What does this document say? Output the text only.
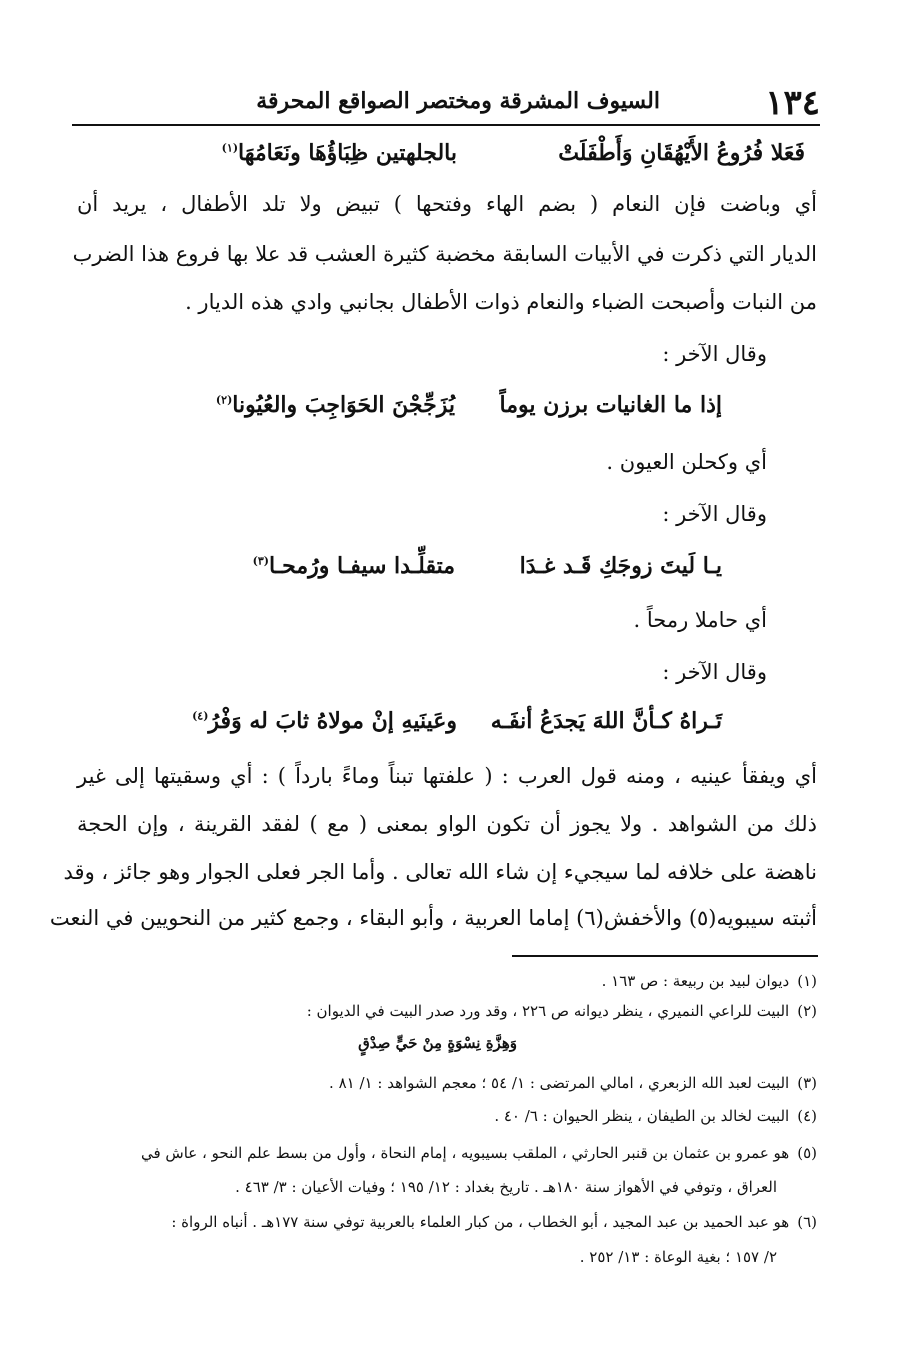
١٣٤
السيوف المشرقة ومختصر الصواقع المحرقة
فَعَلا فُرُوعُ الأَيْهُقَانِ وَأَطْفَلَتْ
بالجلهتين ظِبَاؤُهَا ونَعَامُهَا$^{(١)}$
أي وباضت فإن النعام ( بضم الهاء وفتحها ) تبيض ولا تلد الأطفال ، يريد أن
الديار التي ذكرت في الأبيات السابقة مخضبة كثيرة العشب قد علا بها فروع هذا الضرب
من النبات وأصبحت الضباء والنعام ذوات الأطفال بجانبي وادي هذه الديار .
وقال الآخر :
إذا ما الغانيات برزن يوماً
يُزَجِّجْنَ الحَوَاجِبَ والعُيُونا$^{(٢)}$
أي وكحلن العيون .
وقال الآخر :
يـا لَيتَ زوجَكِ قَـد غـدَا
متقلِّـدا سيفـا ورُمحـا$^{(٣)}$
أي حاملا رمحاً .
وقال الآخر :
تَـراهُ كـأنَّ اللهَ يَجدَعُ أنفَـه
وعَينَيهِ إنْ مولاهُ ثابَ له وَفْرُ$^{(٤)}$
أي ويفقأ عينيه ، ومنه قول العرب : ( علفتها تبناً وماءً بارداً ) : أي وسقيتها إلى غير
ذلك من الشواهد . ولا يجوز أن تكون الواو بمعنى ( مع ) لفقد القرينة ، وإن الحجة
ناهضة على خلافه لما سيجيء إن شاء الله تعالى . وأما الجر فعلى الجوار وهو جائز ، وقد
أثبته سيبويه(٥) والأخفش(٦) إماما العربية ، وأبو البقاء ، وجمع كثير من النحويين في النعت
(١)ديوان لبيد بن ربيعة : ص ١٦٣ .
(٢)البيت للراعي النميري ، ينظر ديوانه ص ٢٢٦ ، وقد ورد صدر البيت في الديوان :
وَهِزَّةِ نِسْوَةٍ مِنْ حَيٍّ صِدْقٍ
(٣)البيت لعبد الله الزبعري ، امالي المرتضى : ١/ ٥٤ ؛ معجم الشواهد : ١/ ٨١ .
(٤)البيت لخالد بن الطيفان ، ينظر الحيوان : ٦/ ٤٠ .
(٥)هو عمرو بن عثمان بن قنبر الحارثي ، الملقب بسيبويه ، إمام النحاة ، وأول من بسط علم النحو ، عاش في
العراق ، وتوفي في الأهواز سنة ١٨٠هـ . تاريخ بغداد : ١٢/ ١٩٥ ؛ وفيات الأعيان : ٣/ ٤٦٣ .
(٦)هو عبد الحميد بن عبد المجيد ، أبو الخطاب ، من كبار العلماء بالعربية توفي سنة ١٧٧هـ . أنباه الرواة :
٢/ ١٥٧ ؛ بغية الوعاة : ١٣/ ٢٥٢ .
